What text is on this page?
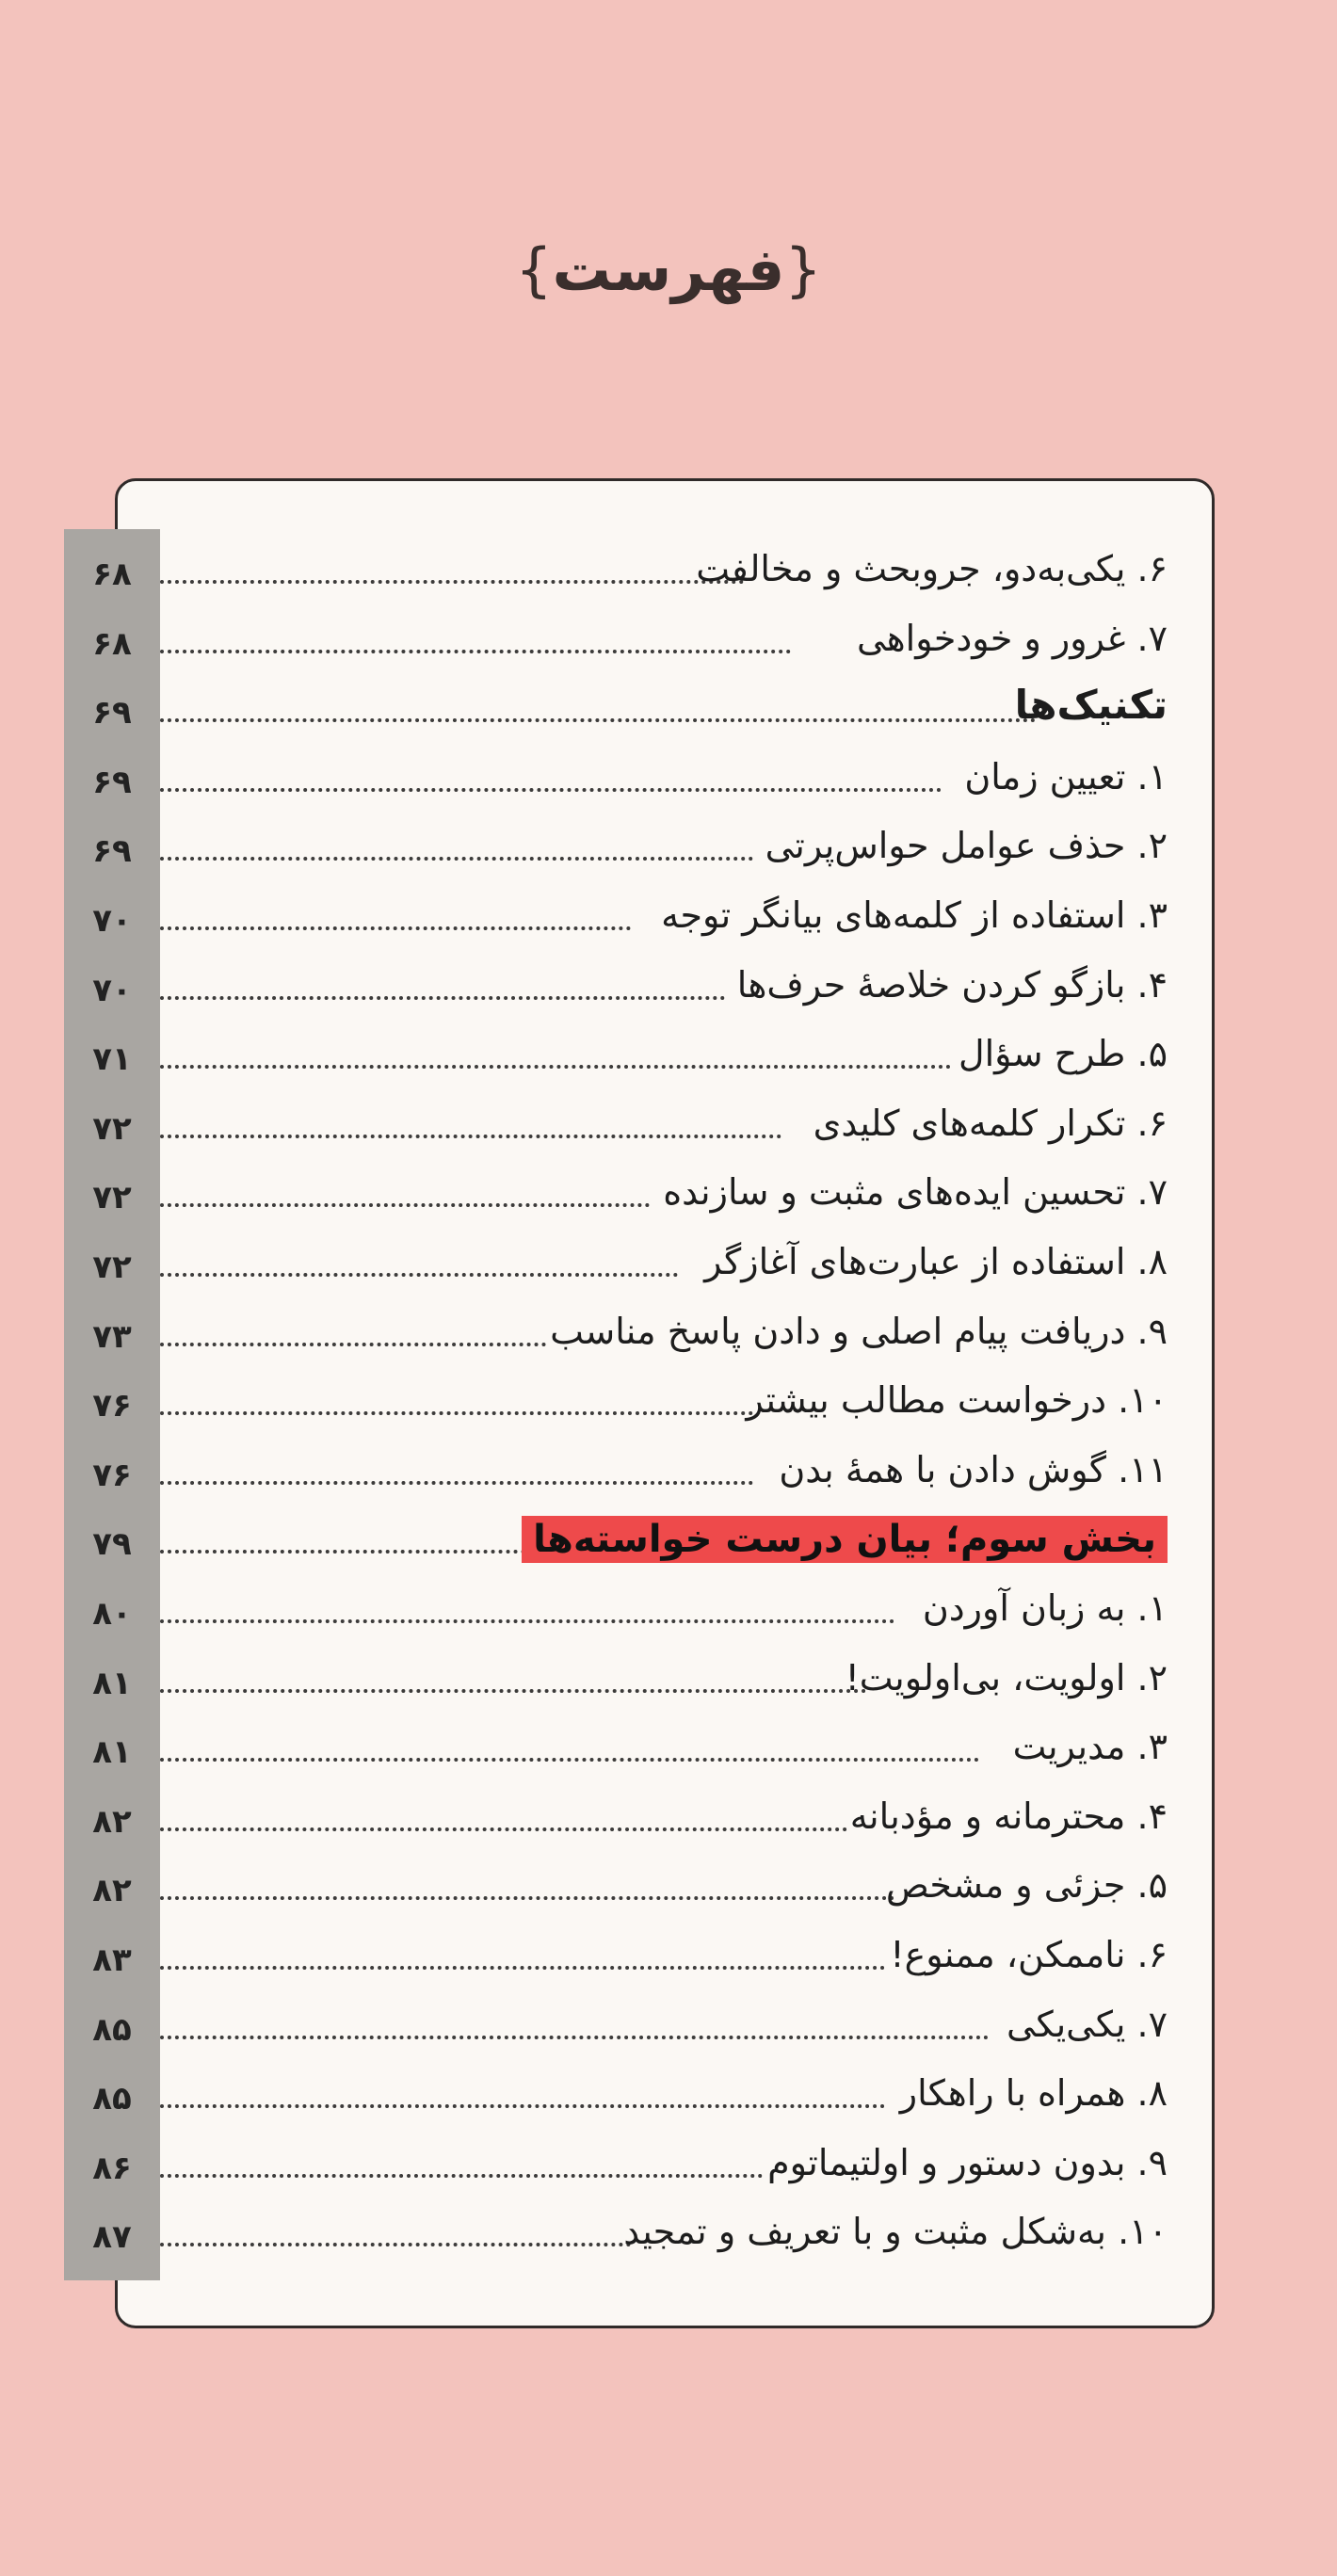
{فهرست}
۶۸	۶. یکی‌به‌دو، جروبحث و مخالفت
۶۸	۷. غرور و خودخواهی
۶۹	تکنیک‌ها
۶۹	۱. تعیین زمان
۶۹	۲. حذف عوامل حواس‌پرتی
۷۰	۳. استفاده از کلمه‌های بیانگر توجه
۷۰	۴. بازگو کردن خلاصهٔ حرف‌ها
۷۱	۵. طرح سؤال
۷۲	۶. تکرار کلمه‌های کلیدی
۷۲	۷. تحسین ایده‌های مثبت و سازنده
۷۲	۸. استفاده از عبارت‌های آغازگر
۷۳	۹. دریافت پیام اصلی و دادن پاسخ مناسب
۷۶	۱۰. درخواست مطالب بیشتر
۷۶	۱۱. گوش دادن با همهٔ بدن
۷۹	بخش سوم؛ بیان درست خواسته‌ها
۸۰	۱. به زبان آوردن
۸۱	۲. اولویت، بی‌اولویت!
۸۱	۳. مدیریت
۸۲	۴. محترمانه و مؤدبانه
۸۲	۵. جزئی و مشخص
۸۳	۶. ناممکن، ممنوع!
۸۵	۷. یکی‌یکی
۸۵	۸. همراه با راهکار
۸۶	۹. بدون دستور و اولتیماتوم
۸۷	۱۰. به‌شکل مثبت و با تعریف و تمجید
